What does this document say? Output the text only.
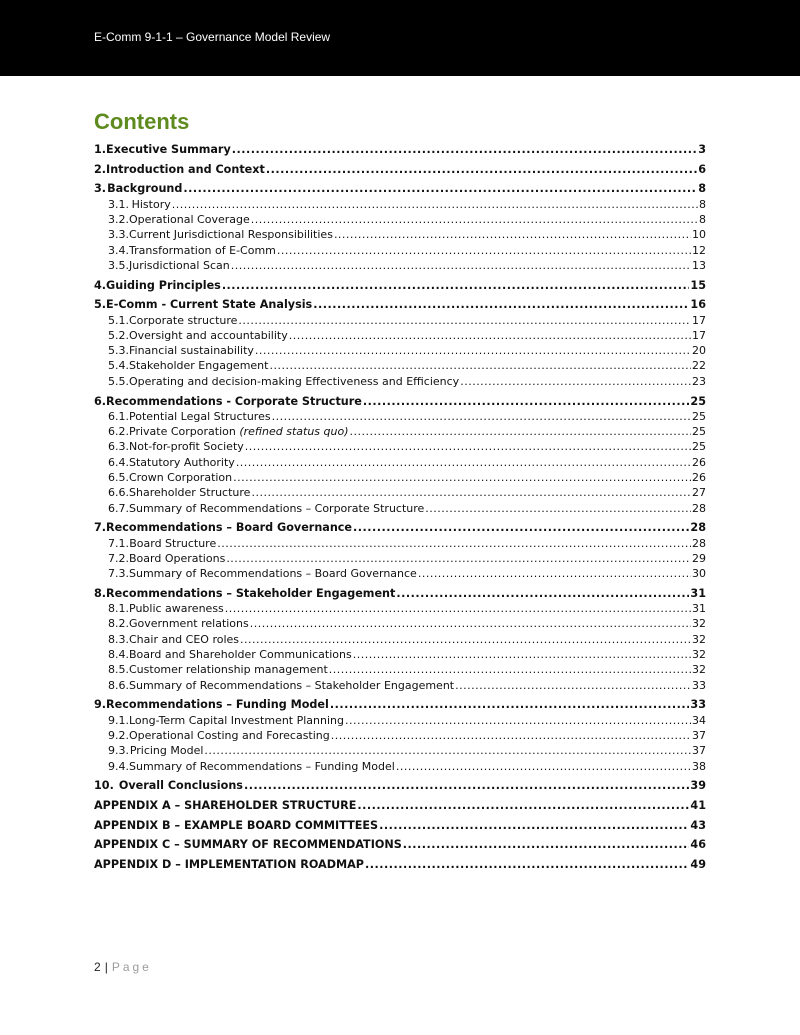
E-Comm 9-1-1 – Governance Model Review
Contents
1. Executive Summary .....	3
2. Introduction and Context .....	6
3. Background .....	8
3.1. History .....	8
3.2. Operational Coverage .....	8
3.3. Current Jurisdictional Responsibilities .....	10
3.4. Transformation of E-Comm .....	12
3.5. Jurisdictional Scan .....	13
4. Guiding Principles .....	15
5. E-Comm - Current State Analysis .....	16
5.1. Corporate structure .....	17
5.2. Oversight and accountability .....	17
5.3. Financial sustainability .....	20
5.4. Stakeholder Engagement .....	22
5.5. Operating and decision-making Effectiveness and Efficiency .....	23
6. Recommendations - Corporate Structure .....	25
6.1. Potential Legal Structures .....	25
6.2. Private Corporation (refined status quo) .....	25
6.3. Not-for-profit Society .....	25
6.4. Statutory Authority .....	26
6.5. Crown Corporation .....	26
6.6. Shareholder Structure .....	27
6.7. Summary of Recommendations – Corporate Structure .....	28
7. Recommendations – Board Governance .....	28
7.1. Board Structure .....	28
7.2. Board Operations .....	29
7.3. Summary of Recommendations – Board Governance .....	30
8. Recommendations – Stakeholder Engagement .....	31
8.1. Public awareness .....	31
8.2. Government relations .....	32
8.3. Chair and CEO roles .....	32
8.4. Board and Shareholder Communications .....	32
8.5. Customer relationship management .....	32
8.6. Summary of Recommendations – Stakeholder Engagement .....	33
9. Recommendations – Funding Model .....	33
9.1. Long-Term Capital Investment Planning .....	34
9.2. Operational Costing and Forecasting .....	37
9.3. Pricing Model .....	37
9.4. Summary of Recommendations – Funding Model .....	38
10. Overall Conclusions .....	39
APPENDIX A – SHAREHOLDER STRUCTURE .....	41
APPENDIX B – EXAMPLE BOARD COMMITTEES .....	43
APPENDIX C – SUMMARY OF RECOMMENDATIONS .....	46
APPENDIX D – IMPLEMENTATION ROADMAP .....	49
2 | Page
